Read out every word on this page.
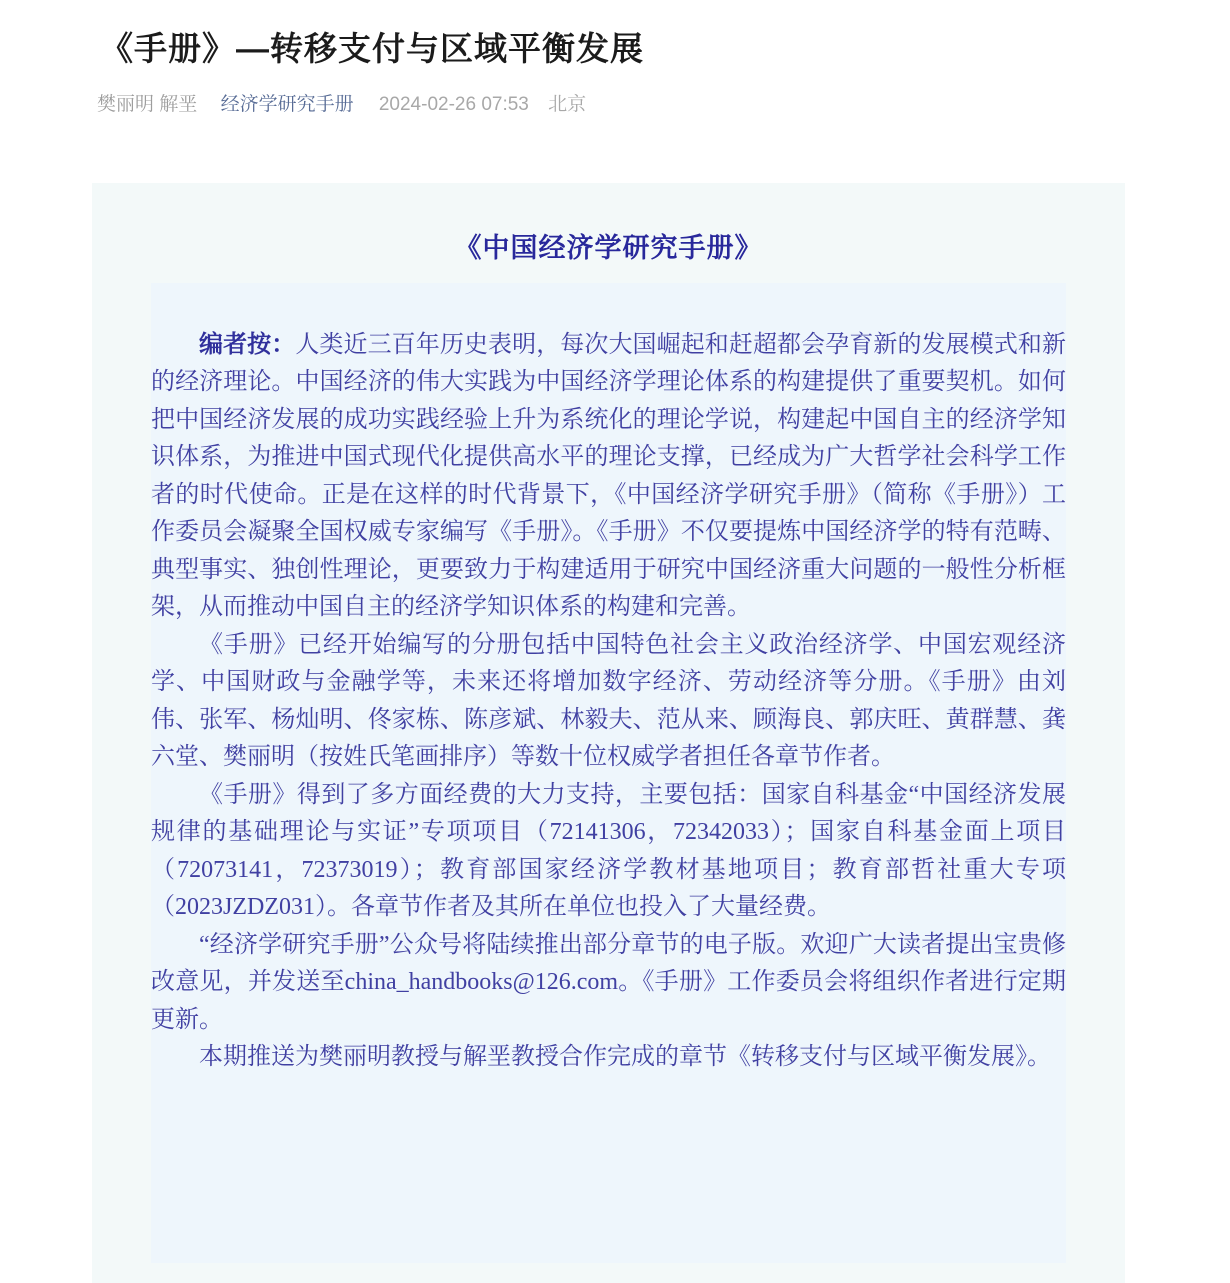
《手册》—转移支付与区域平衡发展
樊丽明 解垩 经济学研究手册 2024-02-26 07:53 北京
《中国经济学研究手册》

编者按：人类近三百年历史表明，每次大国崛起和赶超都会孕育新的发展模式和新的经济理论。中国经济的伟大实践为中国经济学理论体系的构建提供了重要契机。如何把中国经济发展的成功实践经验上升为系统化的理论学说，构建起中国自主的经济学知识体系，为推进中国式现代化提供高水平的理论支撑，已经成为广大哲学社会科学工作者的时代使命。正是在这样的时代背景下，《中国经济学研究手册》（简称《手册》）工作委员会凝聚全国权威专家编写《手册》。《手册》不仅要提炼中国经济学的特有范畴、典型事实、独创性理论，更要致力于构建适用于研究中国经济重大问题的一般性分析框架，从而推动中国自主的经济学知识体系的构建和完善。

《手册》已经开始编写的分册包括中国特色社会主义政治经济学、中国宏观经济学、中国财政与金融学等，未来还将增加数字经济、劳动经济等分册。《手册》由刘伟、张军、杨灿明、佟家栋、陈彦斌、林毅夫、范从来、顾海良、郭庆旺、黄群慧、龚六堂、樊丽明（按姓氏笔画排序）等数十位权威学者担任各章节作者。

《手册》得到了多方面经费的大力支持，主要包括：国家自科基金“中国经济发展规律的基础理论与实证”专项项目（72141306，72342033）；国家自科基金面上项目（72073141，72373019）；教育部国家经济学教材基地项目；教育部哲社重大专项（2023JZDZ031）。各章节作者及其所在单位也投入了大量经费。

“经济学研究手册”公众号将陆续推出部分章节的电子版。欢迎广大读者提出宝贵修改意见，并发送至china_handbooks@126.com。《手册》工作委员会将组织作者进行定期更新。

本期推送为樊丽明教授与解垩教授合作完成的章节《转移支付与区域平衡发展》。
